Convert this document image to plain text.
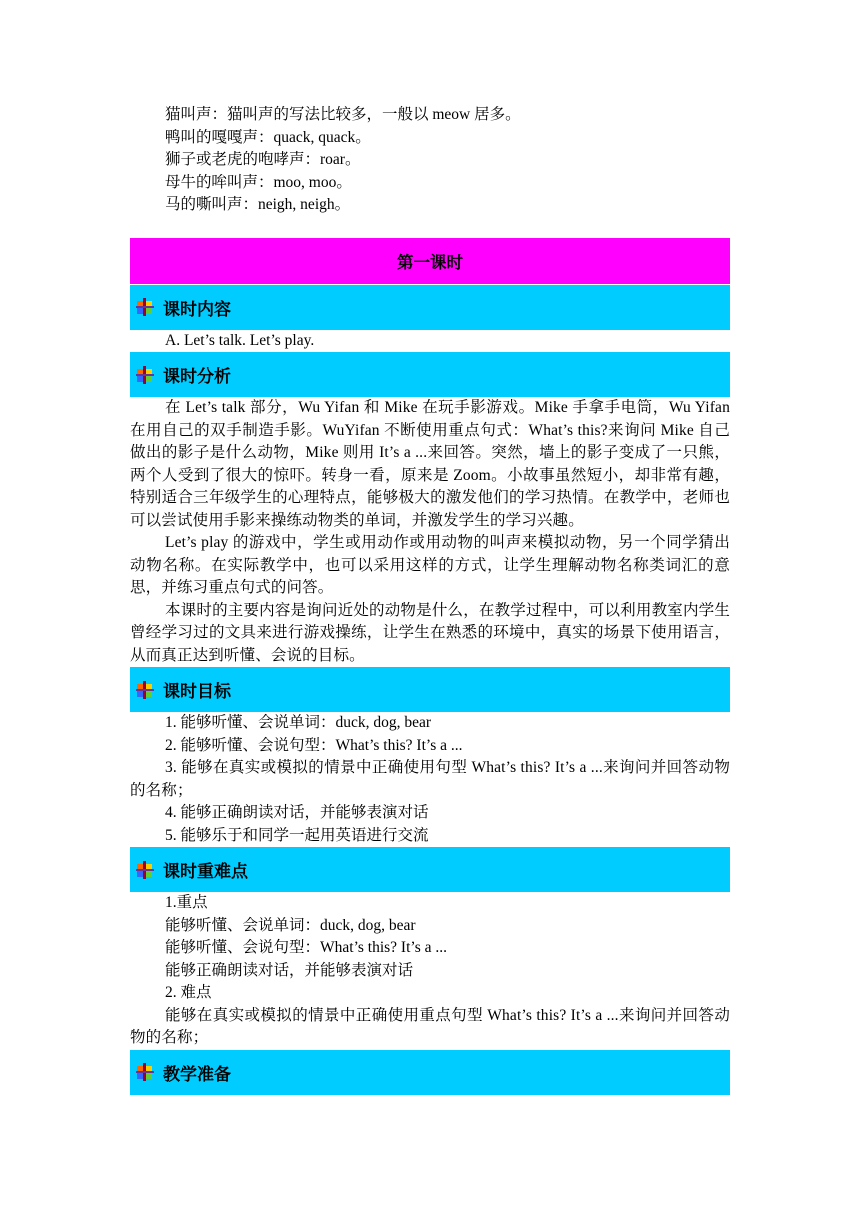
猫叫声：猫叫声的写法比较多，一般以 meow 居多。
鸭叫的嘎嘎声：quack, quack。
狮子或老虎的咆哮声：roar。
母牛的哞叫声：moo, moo。
马的嘶叫声：neigh, neigh。
第一课时
课时内容
A. Let’s talk. Let’s play.
课时分析
在 Let’s talk 部分，Wu Yifan 和 Mike 在玩手影游戏。Mike 手拿手电筒，Wu Yifan 在用自己的双手制造手影。WuYifan 不断使用重点句式：What’s this?来询问 Mike 自己做出的影子是什么动物，Mike 则用 It’s a ...来回答。突然，墙上的影子变成了一只熊，两个人受到了很大的惊吓。转身一看，原来是 Zoom。小故事虽然短小，却非常有趣，特别适合三年级学生的心理特点，能够极大的激发他们的学习热情。在教学中，老师也可以尝试使用手影来操练动物类的单词，并激发学生的学习兴趣。
Let’s play 的游戏中，学生或用动作或用动物的叫声来模拟动物，另一个同学猜出动物名称。在实际教学中，也可以采用这样的方式，让学生理解动物名称类词汇的意思，并练习重点句式的问答。
本课时的主要内容是询问近处的动物是什么，在教学过程中，可以利用教室内学生曾经学习过的文具来进行游戏操练，让学生在熟悉的环境中，真实的场景下使用语言，从而真正达到听懂、会说的目标。
课时目标
1. 能够听懂、会说单词：duck, dog, bear
2. 能够听懂、会说句型：What’s this? It’s a ...
3. 能够在真实或模拟的情景中正确使用句型 What’s this? It’s a ...来询问并回答动物的名称；
4. 能够正确朗读对话，并能够表演对话
5. 能够乐于和同学一起用英语进行交流
课时重难点
1.重点
能够听懂、会说单词：duck, dog, bear
能够听懂、会说句型：What’s this? It’s a ...
能够正确朗读对话，并能够表演对话
2. 难点
能够在真实或模拟的情景中正确使用重点句型 What’s this? It’s a ...来询问并回答动物的名称；
教学准备
